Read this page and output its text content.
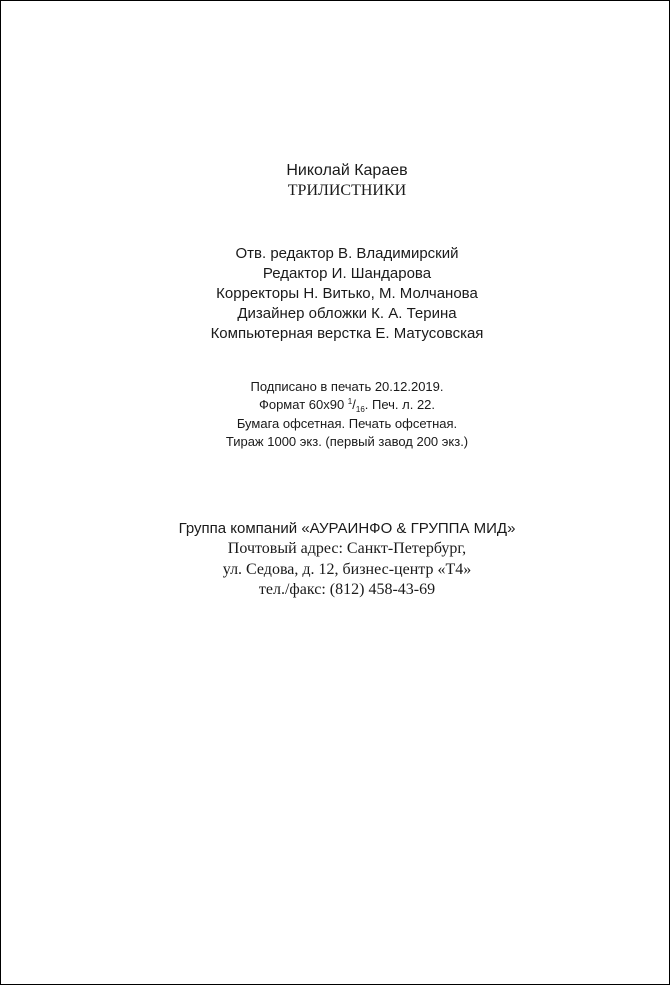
Николай Караев
ТРИЛИСТНИКИ
Отв. редактор В. Владимирский
Редактор И. Шандарова
Корректоры Н. Витько, М. Молчанова
Дизайнер обложки К. А. Терина
Компьютерная верстка Е. Матусовская
Подписано в печать 20.12.2019.
Формат 60х90 $^1/_{16}$. Печ. л. 22.
Бумага офсетная. Печать офсетная.
Тираж 1000 экз. (первый завод 200 экз.)
Группа компаний «АУРАИНФО & ГРУППА МИД»
Почтовый адрес: Санкт-Петербург,
ул. Седова, д. 12, бизнес-центр «Т4»
тел./факс: (812) 458-43-69
